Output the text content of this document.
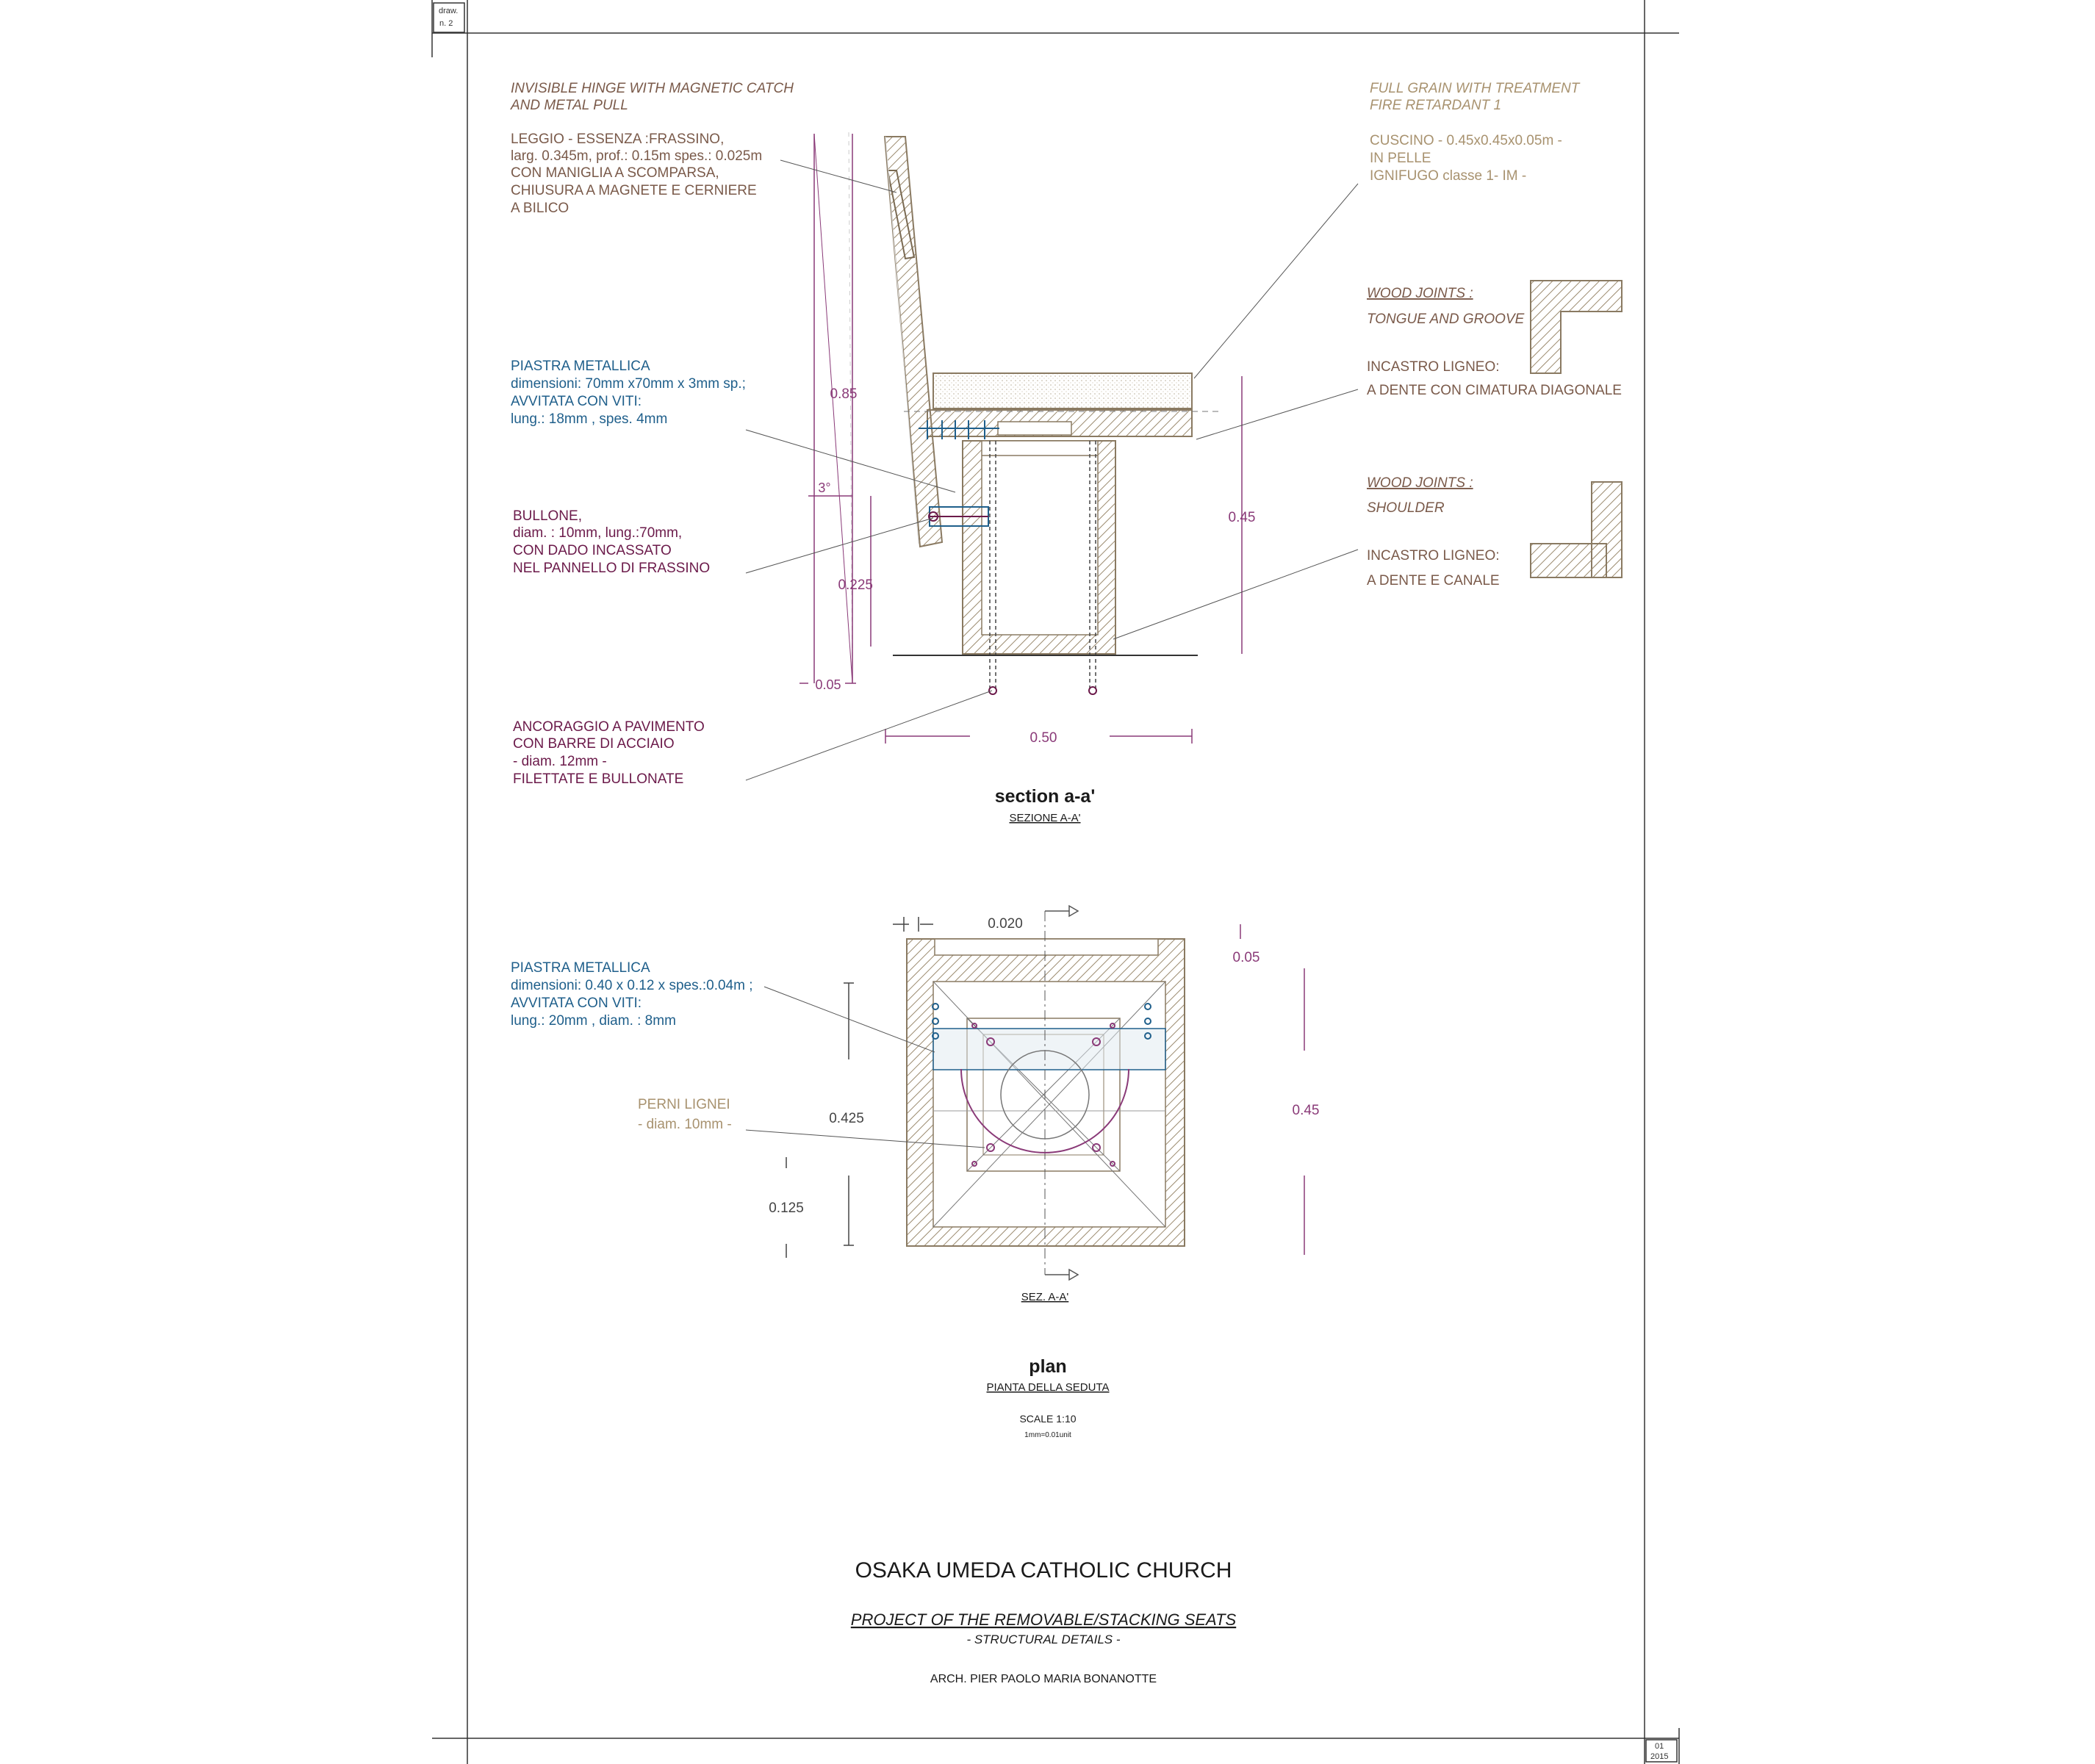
draw.
n. 2
01
2015
0.85
3°
0.45
0.225
0.05
0.50
INVISIBLE HINGE WITH MAGNETIC CATCH
AND METAL PULL
LEGGIO - ESSENZA :FRASSINO,
larg. 0.345m, prof.: 0.15m spes.: 0.025m
CON MANIGLIA A SCOMPARSA,
CHIUSURA A MAGNETE E CERNIERE
A BILICO
FULL GRAIN WITH TREATMENT
FIRE RETARDANT 1
CUSCINO - 0.45x0.45x0.05m -
IN PELLE
IGNIFUGO classe 1- IM -
WOOD JOINTS :
TONGUE AND GROOVE
INCASTRO LIGNEO:
A DENTE CON CIMATURA DIAGONALE
WOOD JOINTS :
SHOULDER
INCASTRO LIGNEO:
A DENTE E CANALE
PIASTRA METALLICA
dimensioni: 70mm x70mm x 3mm sp.;
AVVITATA CON VITI:
lung.: 18mm , spes. 4mm
BULLONE,
diam. : 10mm, lung.:70mm,
CON DADO INCASSATO
NEL PANNELLO DI FRASSINO
ANCORAGGIO A PAVIMENTO
CON BARRE DI ACCIAIO
- diam. 12mm -
FILETTATE E BULLONATE
section a-a'
SEZIONE A-A'
0.020
0.05
0.425
0.125
0.45
PIASTRA METALLICA
dimensioni: 0.40 x 0.12 x spes.:0.04m ;
AVVITATA CON VITI:
lung.: 20mm , diam. : 8mm
PERNI LIGNEI
- diam. 10mm -
SEZ. A-A'
plan
PIANTA DELLA SEDUTA
SCALE 1:10
1mm=0.01unit
OSAKA UMEDA CATHOLIC CHURCH
PROJECT OF THE REMOVABLE/STACKING SEATS
- STRUCTURAL DETAILS -
ARCH. PIER PAOLO MARIA BONANOTTE
